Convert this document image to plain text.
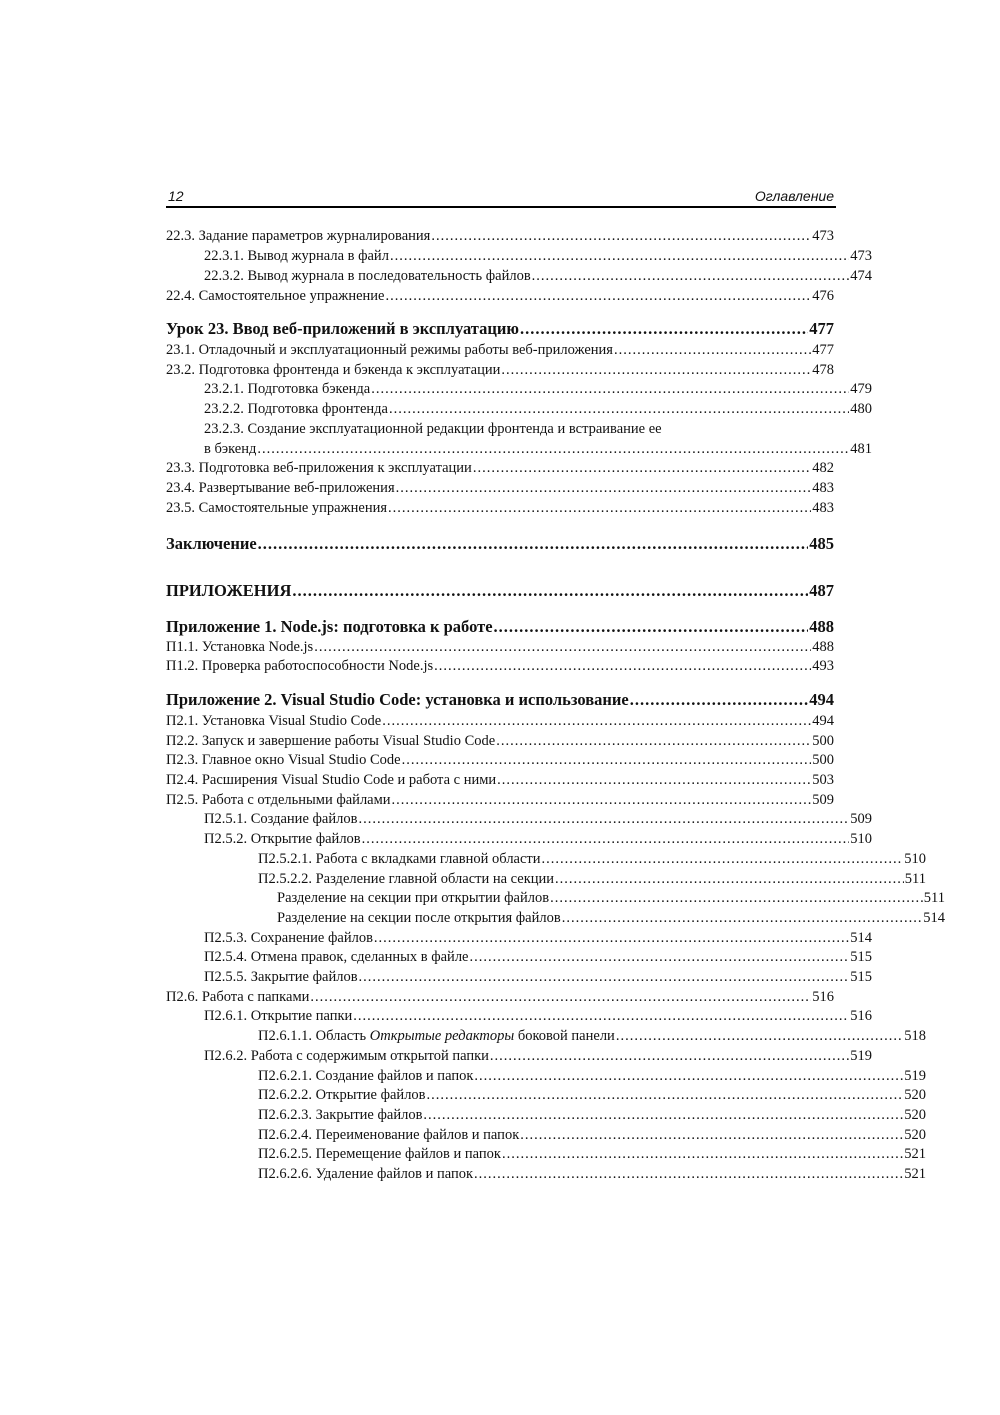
12	Оглавление
22.3. Задание параметров журналирования .....	473
22.3.1. Вывод журнала в файл .....	473
22.3.2. Вывод журнала в последовательность файлов .....	474
22.4. Самостоятельное упражнение .....	476
Урок 23. Ввод веб-приложений в эксплуатацию .....	477
23.1. Отладочный и эксплуатационный режимы работы веб-приложения .....	477
23.2. Подготовка фронтенда и бэкенда к эксплуатации .....	478
23.2.1. Подготовка бэкенда .....	479
23.2.2. Подготовка фронтенда .....	480
23.2.3. Создание эксплуатационной редакции фронтенда и встраивание ее
в бэкенд .....	481
23.3. Подготовка веб-приложения к эксплуатации .....	482
23.4. Развертывание веб-приложения .....	483
23.5. Самостоятельные упражнения .....	483
Заключение .....	485
ПРИЛОЖЕНИЯ .....	487
Приложение 1. Node.js: подготовка к работе .....	488
П1.1. Установка Node.js .....	488
П1.2. Проверка работоспособности Node.js .....	493
Приложение 2. Visual Studio Code: установка и использование .....	494
П2.1. Установка Visual Studio Code .....	494
П2.2. Запуск и завершение работы Visual Studio Code .....	500
П2.3. Главное окно Visual Studio Code .....	500
П2.4. Расширения Visual Studio Code и работа с ними .....	503
П2.5. Работа с отдельными файлами .....	509
П2.5.1. Создание файлов .....	509
П2.5.2. Открытие файлов .....	510
П2.5.2.1. Работа с вкладками главной области .....	510
П2.5.2.2. Разделение главной области на секции .....	511
Разделение на секции при открытии файлов .....	511
Разделение на секции после открытия файлов .....	514
П2.5.3. Сохранение файлов .....	514
П2.5.4. Отмена правок, сделанных в файле .....	515
П2.5.5. Закрытие файлов .....	515
П2.6. Работа с папками .....	516
П2.6.1. Открытие папки .....	516
П2.6.1.1. Область Открытые редакторы боковой панели .....	518
П2.6.2. Работа с содержимым открытой папки .....	519
П2.6.2.1. Создание файлов и папок .....	519
П2.6.2.2. Открытие файлов .....	520
П2.6.2.3. Закрытие файлов .....	520
П2.6.2.4. Переименование файлов и папок .....	520
П2.6.2.5. Перемещение файлов и папок .....	521
П2.6.2.6. Удаление файлов и папок .....	521
